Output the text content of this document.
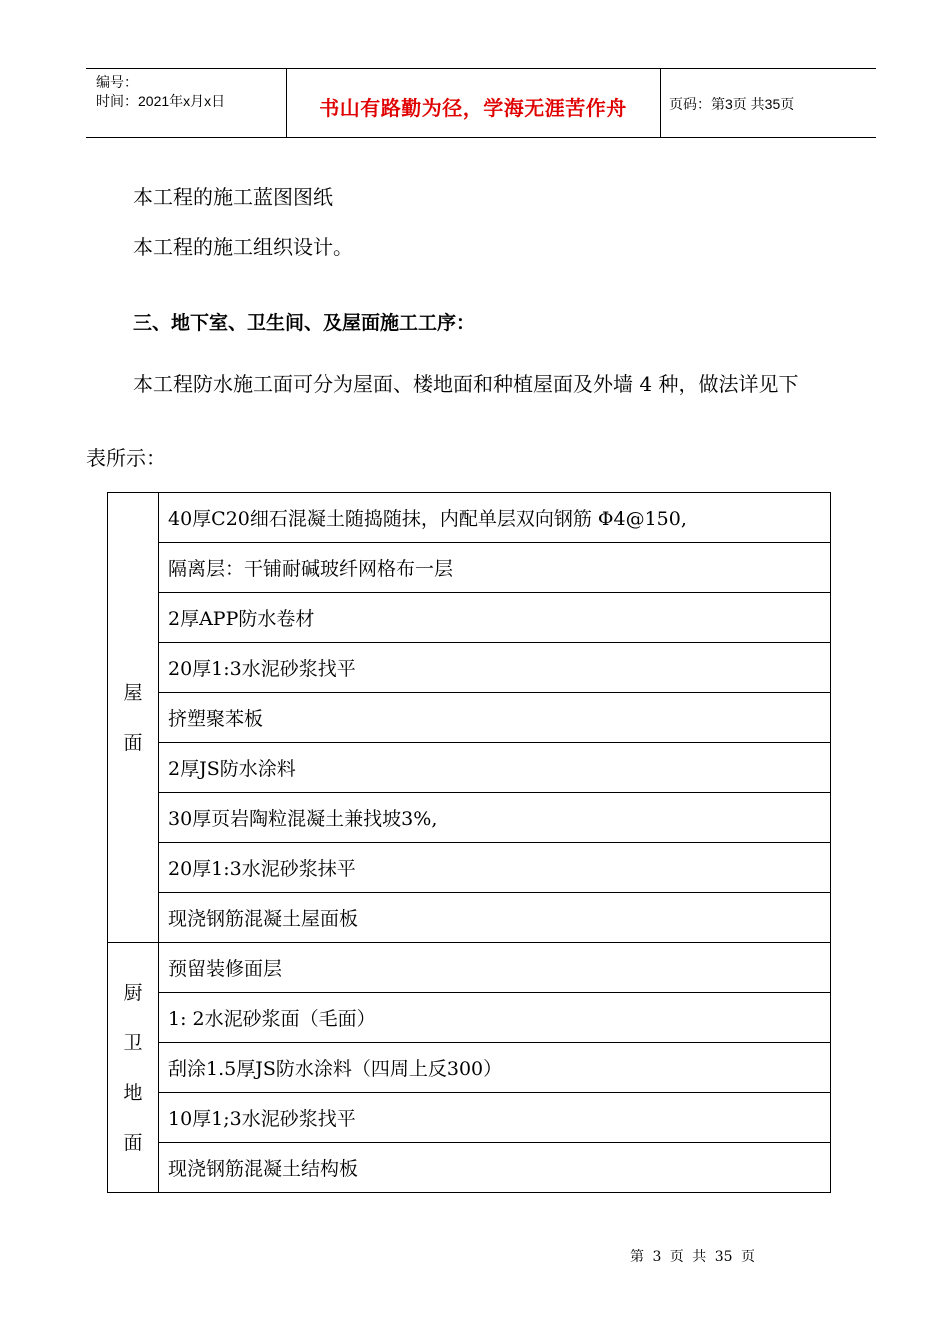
编号：
时间：2021年x月x日	书山有路勤为径，学海无涯苦作舟	页码：第3页 共35页
本工程的施工蓝图图纸
本工程的施工组织设计。
三、地下室、卫生间、及屋面施工工序：
本工程防水施工面可分为屋面、楼地面和种植屋面及外墙 4 种，做法详见下
表所示：
屋
面	40厚C20细石混凝土随捣随抹，内配单层双向钢筋 Φ4@150,
	隔离层：干铺耐碱玻纤网格布一层
	2厚APP防水卷材
	20厚1:3水泥砂浆找平
	挤塑聚苯板
	2厚JS防水涂料
	30厚页岩陶粒混凝土兼找坡3%,
	20厚1:3水泥砂浆抹平
	现浇钢筋混凝土屋面板

厨
卫
地
面	预留装修面层
	1: 2水泥砂浆面（毛面）
	刮涂1.5厚JS防水涂料（四周上反300）
	10厚1;3水泥砂浆找平
	现浇钢筋混凝土结构板
第 3 页 共 35 页
